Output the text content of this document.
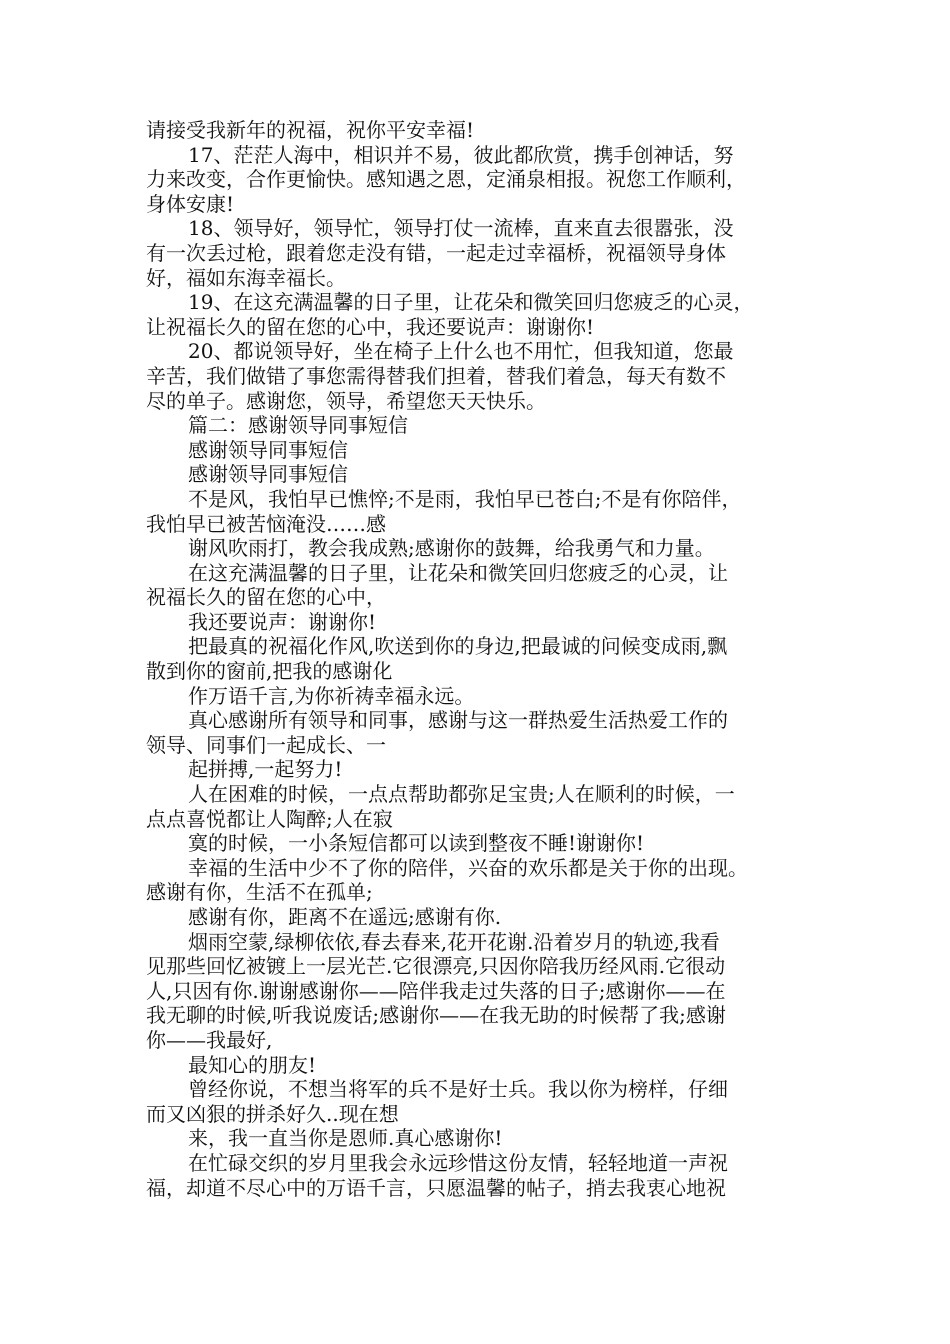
请接受我新年的祝福，祝你平安幸福!
17、茫茫人海中，相识并不易，彼此都欣赏，携手创神话，努
力来改变，合作更愉快。感知遇之恩，定涌泉相报。祝您工作顺利，
身体安康!
18、领导好，领导忙，领导打仗一流棒，直来直去很嚣张，没
有一次丢过枪，跟着您走没有错，一起走过幸福桥，祝福领导身体
好，福如东海幸福长。
19、在这充满温馨的日子里，让花朵和微笑回归您疲乏的心灵，
让祝福长久的留在您的心中，我还要说声：谢谢你!
20、都说领导好，坐在椅子上什么也不用忙，但我知道，您最
辛苦，我们做错了事您需得替我们担着，替我们着急，每天有数不
尽的单子。感谢您，领导，希望您天天快乐。
篇二：感谢领导同事短信
感谢领导同事短信
感谢领导同事短信
不是风，我怕早已憔悴;不是雨，我怕早已苍白;不是有你陪伴，
我怕早已被苦恼淹没……感
谢风吹雨打，教会我成熟;感谢你的鼓舞，给我勇气和力量。
在这充满温馨的日子里，让花朵和微笑回归您疲乏的心灵，让
祝福长久的留在您的心中，
我还要说声：谢谢你!
把最真的祝福化作风,吹送到你的身边,把最诚的问候变成雨,飘
散到你的窗前,把我的感谢化
作万语千言,为你祈祷幸福永远。
真心感谢所有领导和同事，感谢与这一群热爱生活热爱工作的
领导、同事们一起成长、一
起拼搏,一起努力!
人在困难的时候，一点点帮助都弥足宝贵;人在顺利的时候，一
点点喜悦都让人陶醉;人在寂
寞的时候，一小条短信都可以读到整夜不睡!谢谢你!
幸福的生活中少不了你的陪伴，兴奋的欢乐都是关于你的出现。
感谢有你，生活不在孤单;
感谢有你，距离不在遥远;感谢有你.
烟雨空蒙,绿柳依依,春去春来,花开花谢.沿着岁月的轨迹,我看
见那些回忆被镀上一层光芒.它很漂亮,只因你陪我历经风雨.它很动
人,只因有你.谢谢感谢你——陪伴我走过失落的日子;感谢你——在
我无聊的时候,听我说废话;感谢你——在我无助的时候帮了我;感谢
你——我最好,
最知心的朋友!
曾经你说，不想当将军的兵不是好士兵。我以你为榜样，仔细
而又凶狠的拼杀好久..现在想
来，我一直当你是恩师.真心感谢你!
在忙碌交织的岁月里我会永远珍惜这份友情，轻轻地道一声祝
福，却道不尽心中的万语千言，只愿温馨的帖子，捎去我衷心地祝
